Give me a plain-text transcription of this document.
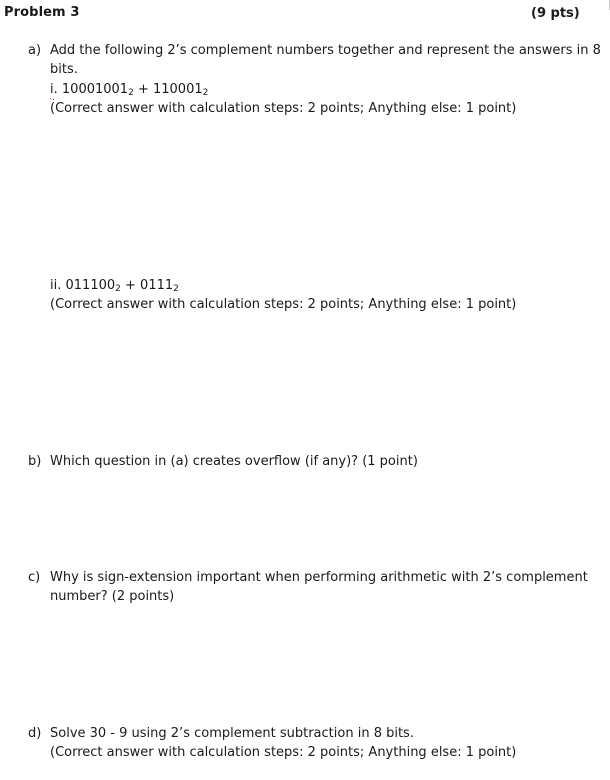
Problem 3	(9 pts)
a) Add the following 2’s complement numbers together and represent the answers in 8
bits.
i. $10001001_2 + 110001_2$
(Correct answer with calculation steps: 2 points; Anything else: 1 point)
ii. $011100_2 + 0111_2$
(Correct answer with calculation steps: 2 points; Anything else: 1 point)
b) Which question in (a) creates overflow (if any)? (1 point)
c) Why is sign-extension important when performing arithmetic with 2’s complement
number? (2 points)
d) Solve 30 - 9 using 2’s complement subtraction in 8 bits.
(Correct answer with calculation steps: 2 points; Anything else: 1 point)
